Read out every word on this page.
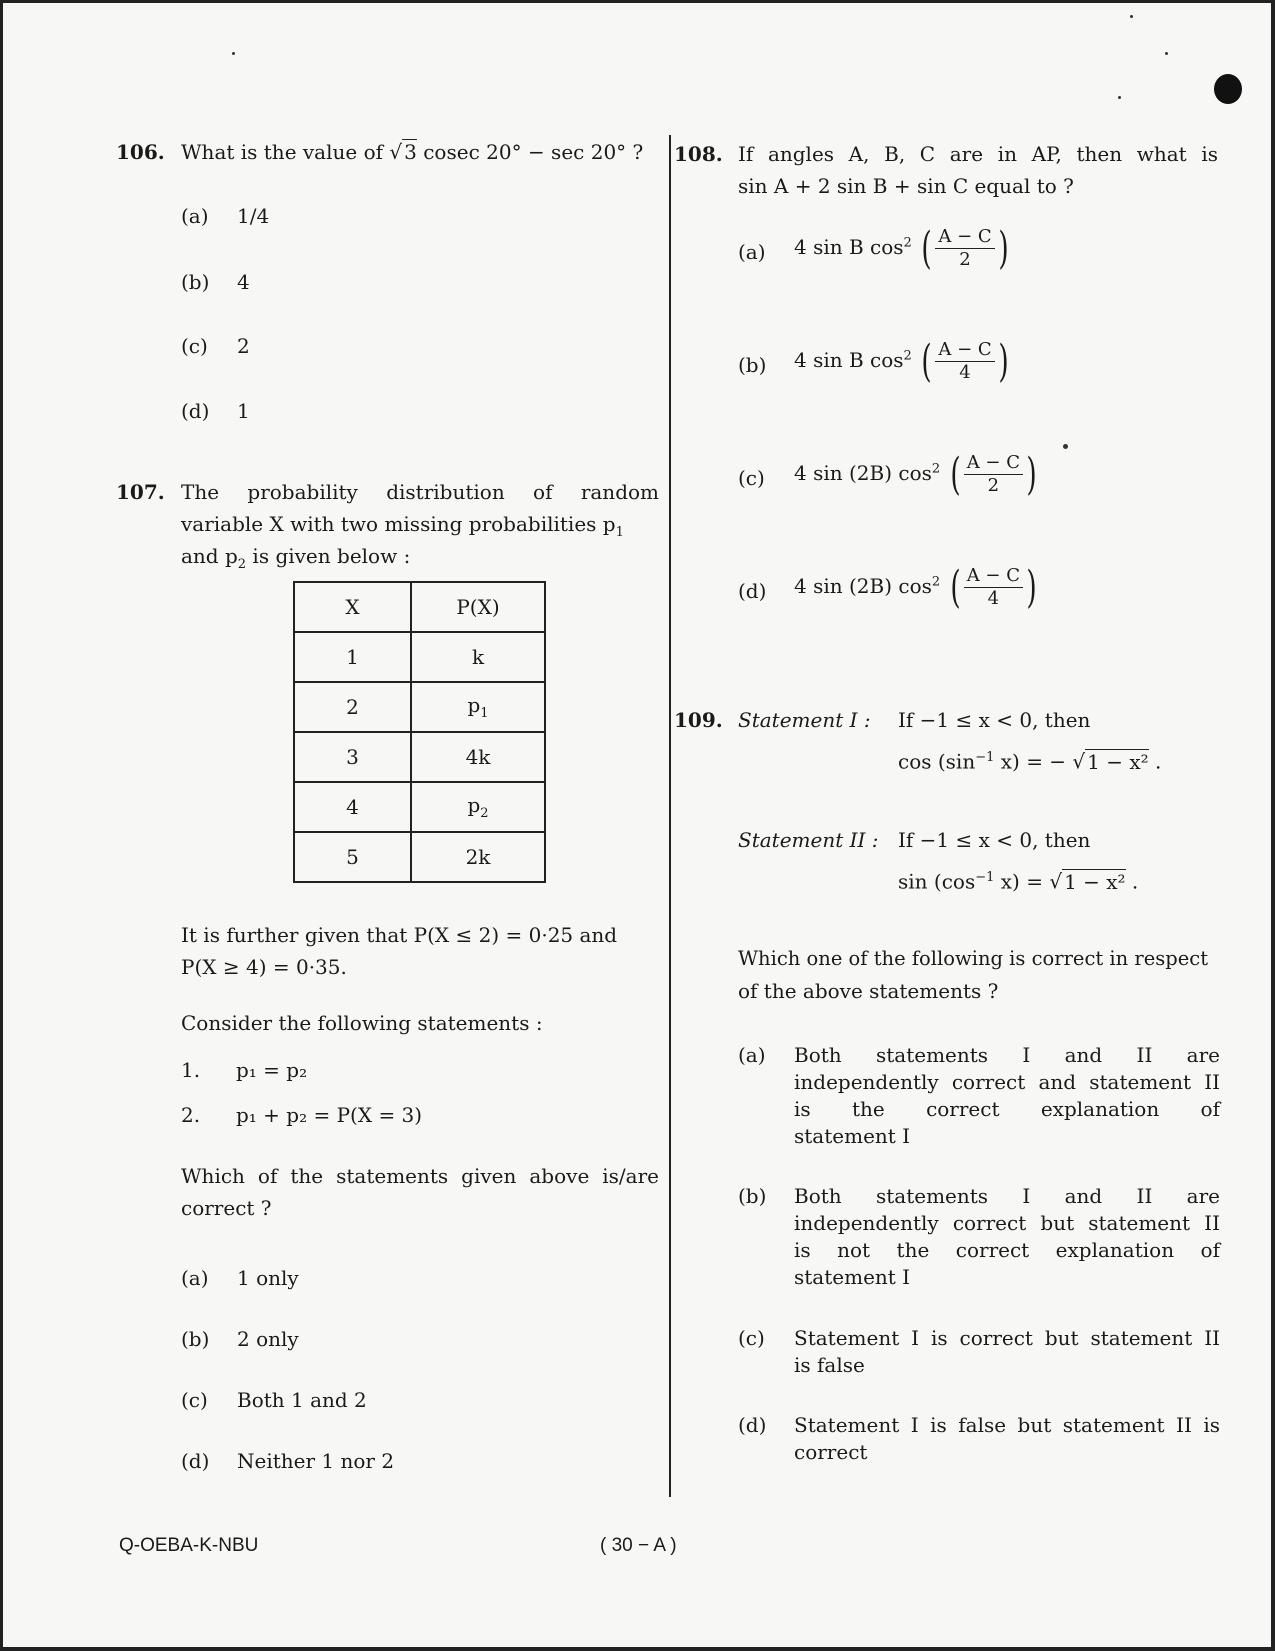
106. What is the value of √ 3 cosec 20° − sec 20° ?
(a) 1/4
(b) 4
(c) 2
(d) 1
107. The probability distribution of random
variable X with two missing probabilities $p_1$
and $p_2$ is given below :
X	P(X)
1	k
2	$p_1$
3	4k
4	$p_2$
5	2k
It is further given that P(X ≤ 2) = 0·25 and
P(X ≥ 4) = 0·35.
Consider the following statements :
1. p₁ = p₂
2. p₁ + p₂ = P(X = 3)
Which of the statements given above is/are
correct ?
(a) 1 only
(b) 2 only
(c) Both 1 and 2
(d) Neither 1 nor 2
108. If angles A, B, C are in AP, then what is
sin A + 2 sin B + sin C equal to ?
(a) 4 sin B $\cos^2$ ( $\frac{A - C}{2}$ )
(b) 4 sin B $\cos^2$ ( $\frac{A - C}{4}$ )
(c) 4 sin (2B) $\cos^2$ ( $\frac{A - C}{2}$ )
(d) 4 sin (2B) $\cos^2$ ( $\frac{A - C}{4}$ )
109. Statement I : If −1 ≤ x < 0, then
$\cos (\sin^{-1}$ x) = − √ 1 − x² .
Statement II : If −1 ≤ x < 0, then
$\sin (\cos^{-1}$ x) = √ 1 − x² .
Which one of the following is correct in respect
of the above statements ?
(a) Both statements I and II are
independently correct and statement II
is the correct explanation of
statement I
(b) Both statements I and II are
independently correct but statement II
is not the correct explanation of
statement I
(c) Statement I is correct but statement II
is false
(d) Statement I is false but statement II is
correct
Q-OEBA-K-NBU	( 30 − A )
